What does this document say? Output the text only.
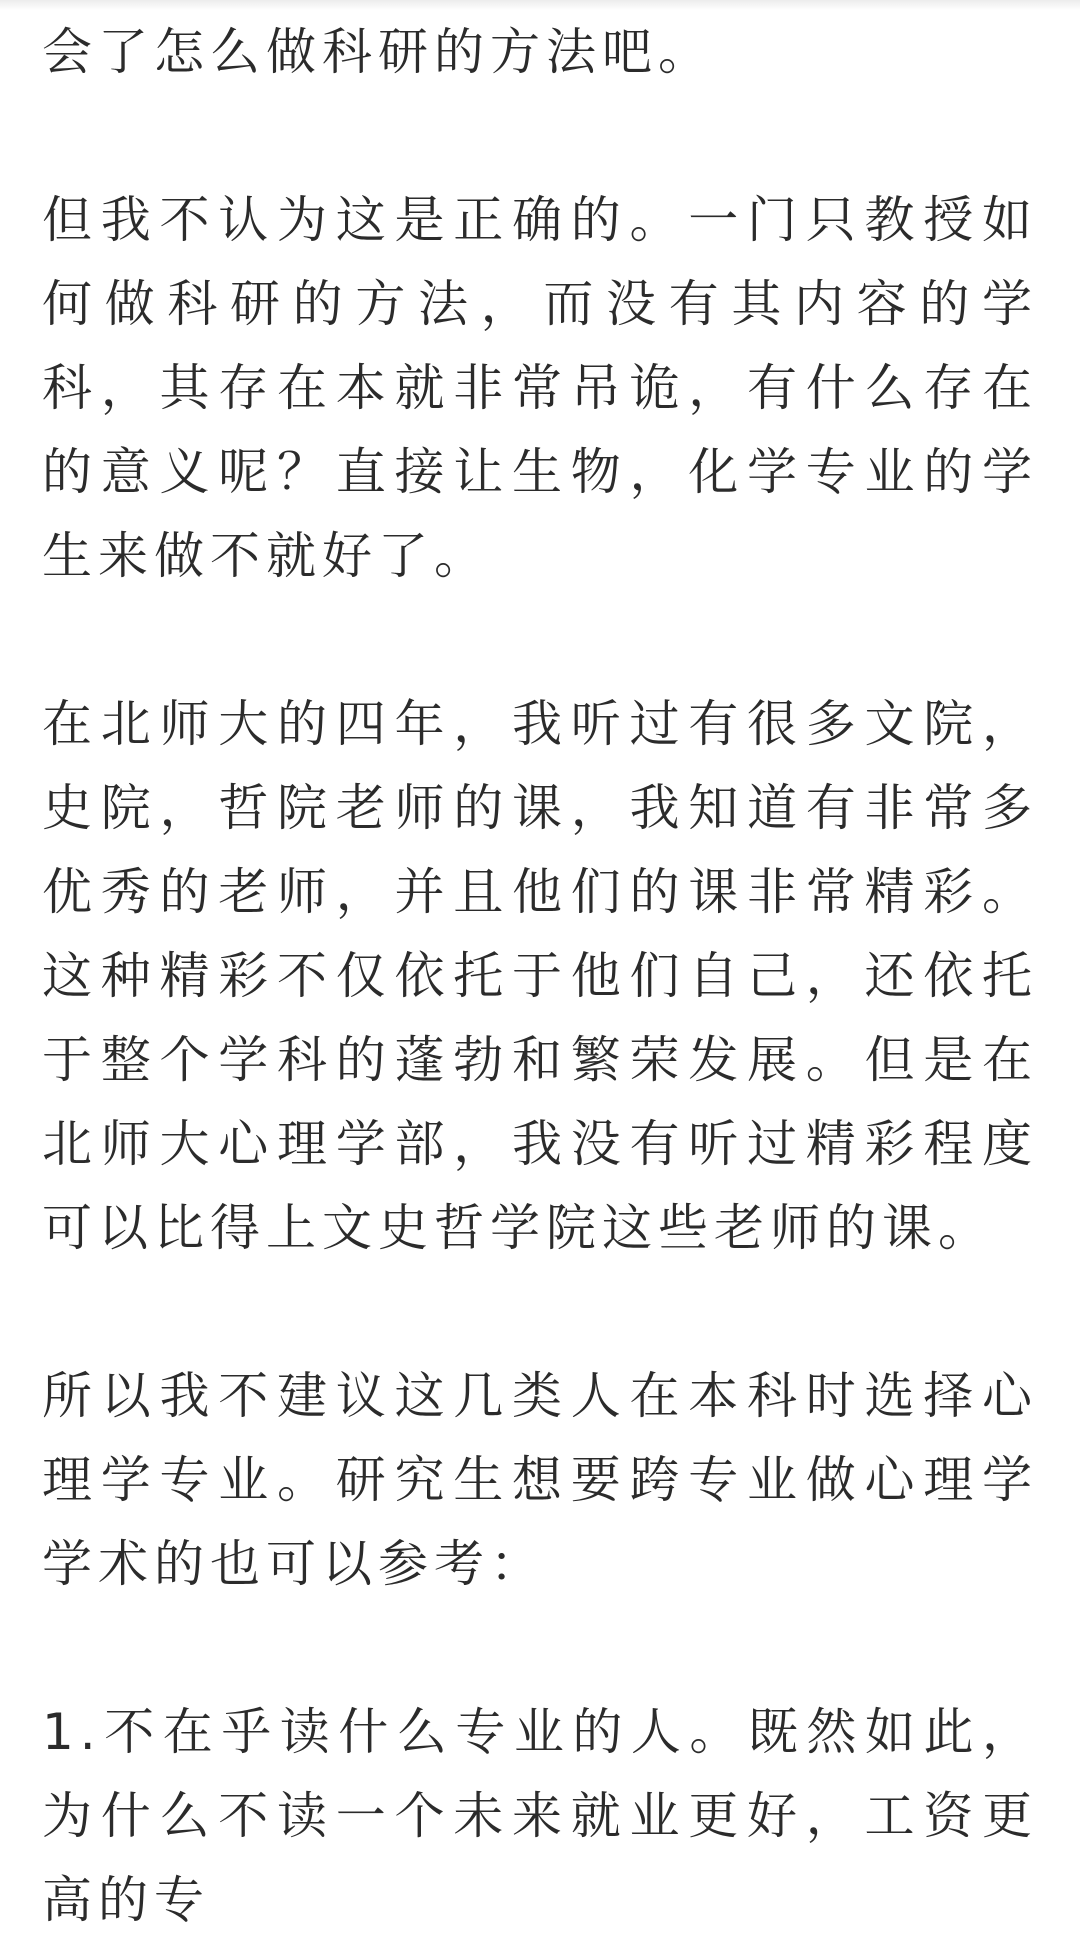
会了怎么做科研的方法吧。

但我不认为这是正确的。一门只教授如何做科研的方法，而没有其内容的学科，其存在本就非常吊诡，有什么存在的意义呢？直接让生物，化学专业的学生来做不就好了。

在北师大的四年，我听过有很多文院，史院，哲院老师的课，我知道有非常多优秀的老师，并且他们的课非常精彩。这种精彩不仅依托于他们自己，还依托于整个学科的蓬勃和繁荣发展。但是在北师大心理学部，我没有听过精彩程度可以比得上文史哲学院这些老师的课。

所以我不建议这几类人在本科时选择心理学专业。研究生想要跨专业做心理学学术的也可以参考：

1.不在乎读什么专业的人。既然如此，为什么不读一个未来就业更好，工资更高的专
